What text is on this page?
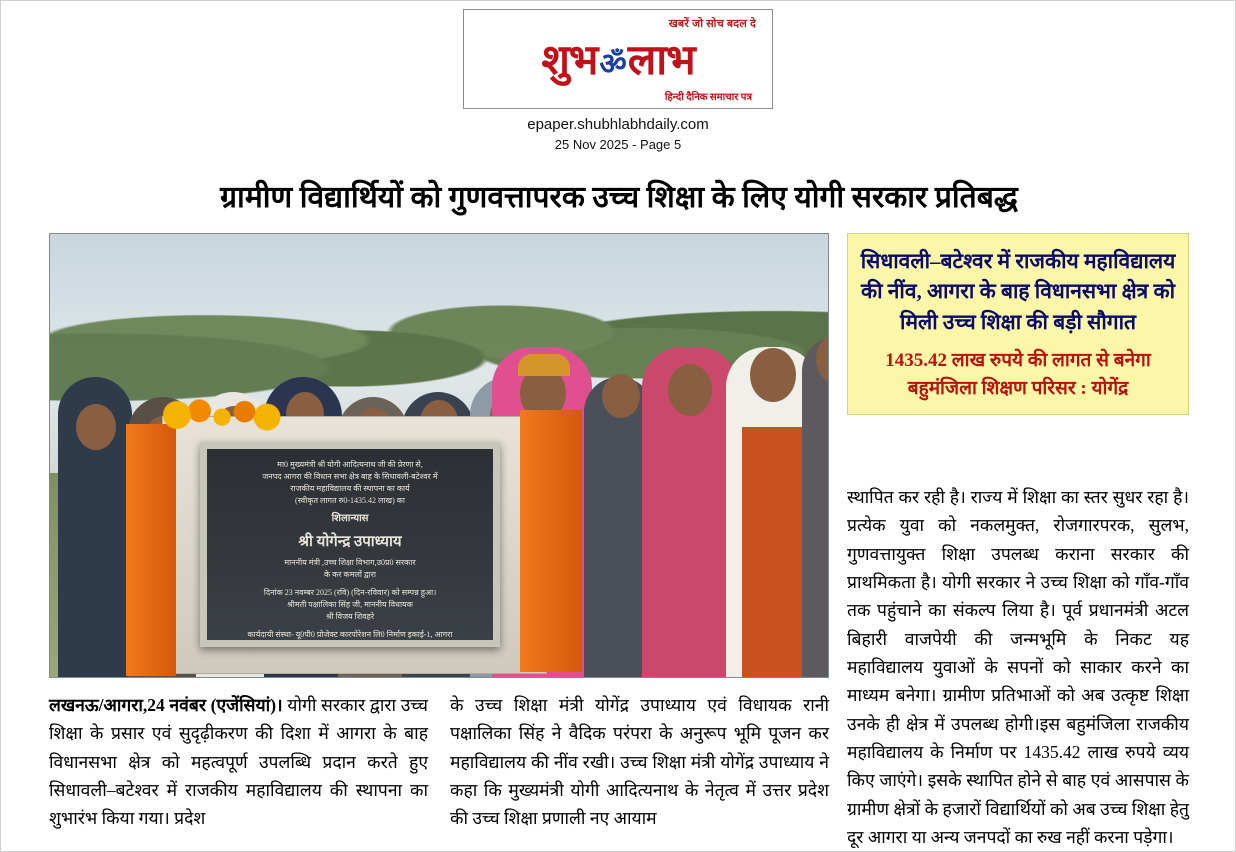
खबरें जो सोच बदल दे
शुभॐलाभ
हिन्दी दैनिक समाचार पत्र
epaper.shubhlabhdaily.com
25 Nov 2025 - Page 5
ग्रामीण विद्यार्थियों को गुणवत्तापरक उच्च शिक्षा के लिए योगी सरकार प्रतिबद्ध
मा0 मुख्यमंत्री श्री योगी आदित्यनाथ जी की प्रेरणा से,
जनपद आगरा की विधान सभा क्षेत्र बाह के सिधावली-बटेश्वर में
राजकीय महाविद्यालय की स्थापना का कार्य
(स्वीकृत लागत रु0-1435.42 लाख) का
शिलान्यास
श्री योगेन्द्र उपाध्याय
माननीय मंत्री ,उच्च शिक्षा विभाग,उ0प्र0 सरकार
के कर कमलों द्वारा
दिनांक 23 नवम्बर 2025 (रवि) (दिन-रविवार) को सम्पन्न हुआ।
श्रीमती पक्षालिका सिंह जी, माननीय विधायक
श्री विजय शिवहरे
कार्यदायी संस्था- यू0पी0 प्रोजेक्ट कारपोरेशन लि0 निर्माण इकाई-1, आगरा
सिधावली–बटेश्वर में राजकीय महाविद्यालय की नींव, आगरा के बाह विधानसभा क्षेत्र को मिली उच्च शिक्षा की बड़ी सौगात
1435.42 लाख रुपये की लागत से बनेगा बहुमंजिला शिक्षण परिसर : योगेंद्र
स्थापित कर रही है। राज्य में शिक्षा का स्तर सुधर रहा है। प्रत्येक युवा को नकलमुक्त, रोजगारपरक, सुलभ, गुणवत्तायुक्त शिक्षा उपलब्ध कराना सरकार की प्राथमिकता है। योगी सरकार ने उच्च शिक्षा को गाँव-गाँव तक पहुंचाने का संकल्प लिया है। पूर्व प्रधानमंत्री अटल बिहारी वाजपेयी की जन्मभूमि के निकट यह महाविद्यालय युवाओं के सपनों को साकार करने का माध्यम बनेगा। ग्रामीण प्रतिभाओं को अब उत्कृष्ट शिक्षा उनके ही क्षेत्र में उपलब्ध होगी।इस बहुमंजिला राजकीय महाविद्यालय के निर्माण पर 1435.42 लाख रुपये व्यय किए जाएंगे। इसके स्थापित होने से बाह एवं आसपास के ग्रामीण क्षेत्रों के हजारों विद्यार्थियों को अब उच्च शिक्षा हेतु दूर आगरा या अन्य जनपदों का रुख नहीं करना पड़ेगा।
लखनऊ/आगरा,24 नवंबर (एजेंसियां)। योगी सरकार द्वारा उच्च शिक्षा के प्रसार एवं सुदृढ़ीकरण की दिशा में आगरा के बाह विधानसभा क्षेत्र को महत्वपूर्ण उपलब्धि प्रदान करते हुए सिधावली–बटेश्वर में राजकीय महाविद्यालय की स्थापना का शुभारंभ किया गया। प्रदेश
के उच्च शिक्षा मंत्री योगेंद्र उपाध्याय एवं विधायक रानी पक्षालिका सिंह ने वैदिक परंपरा के अनुरूप भूमि पूजन कर महाविद्यालय की नींव रखी। उच्च शिक्षा मंत्री योगेंद्र उपाध्याय ने कहा कि मुख्यमंत्री योगी आदित्यनाथ के नेतृत्व में उत्तर प्रदेश की उच्च शिक्षा प्रणाली नए आयाम
